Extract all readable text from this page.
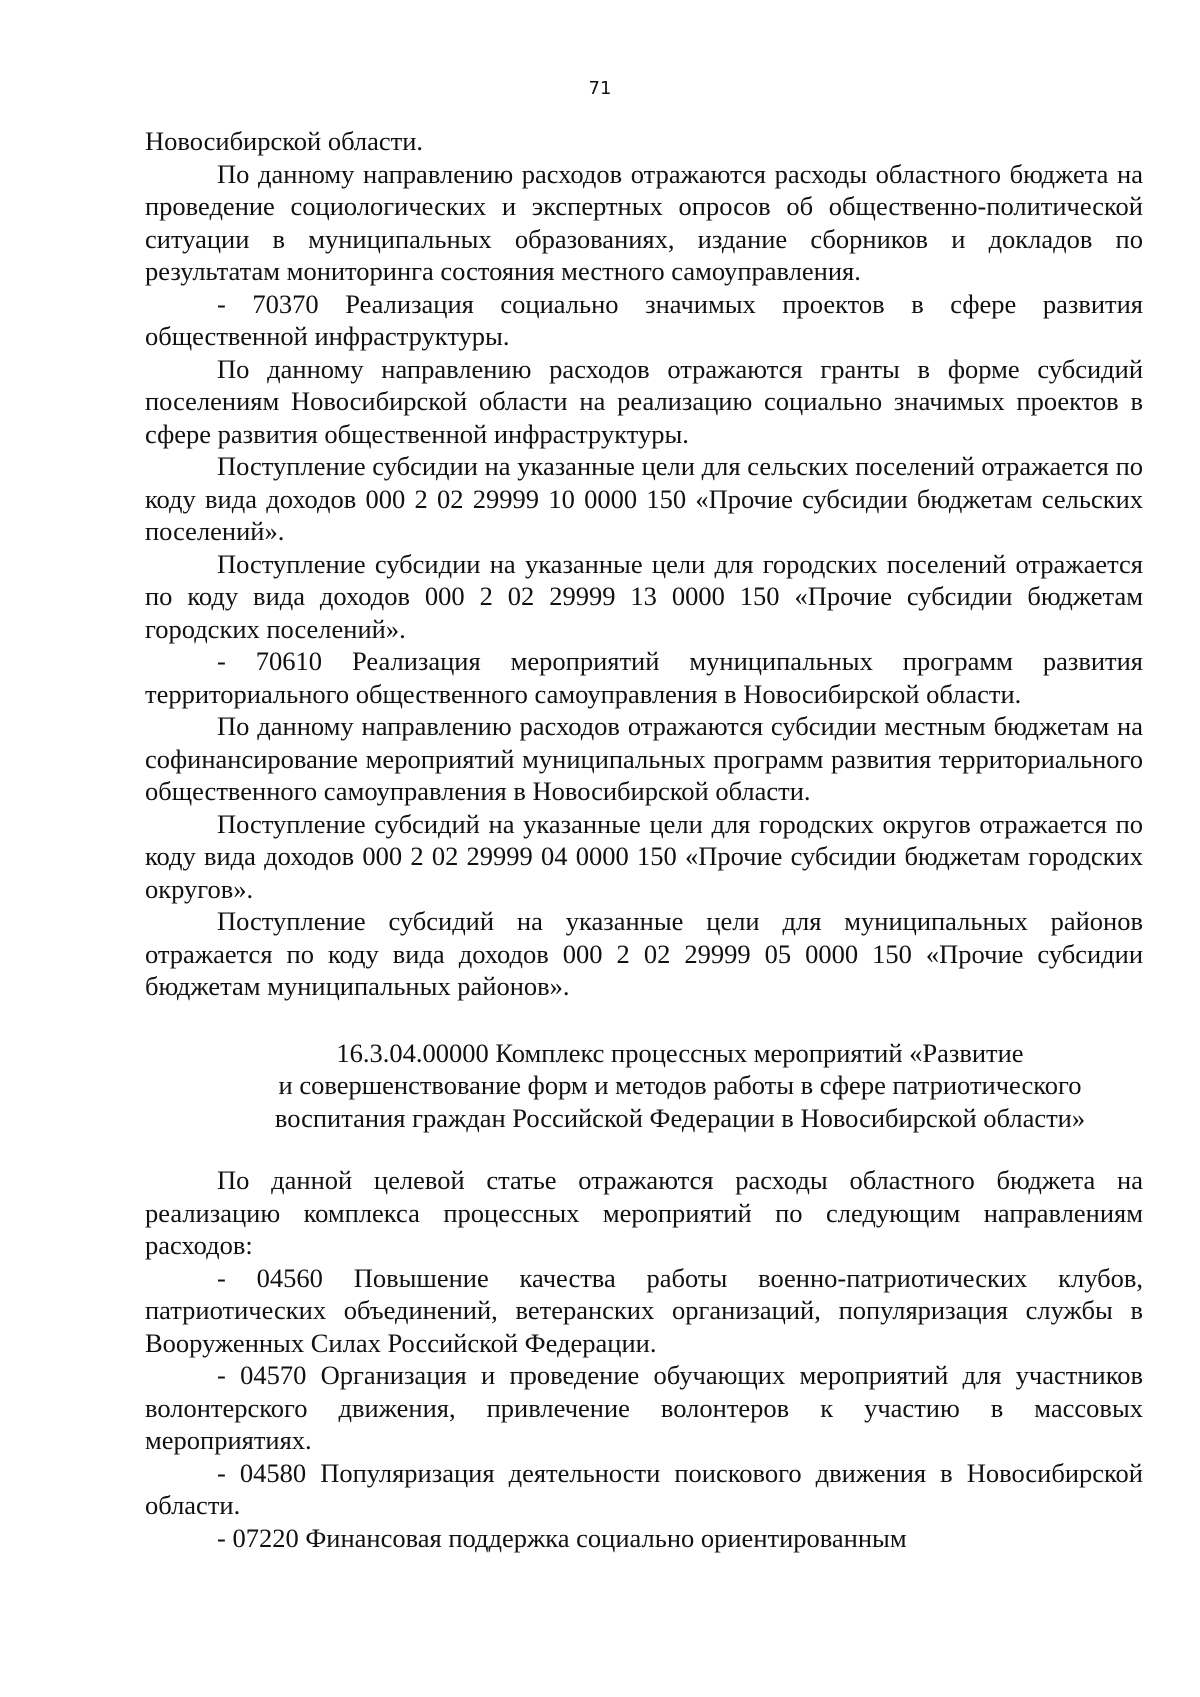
71

Новосибирской области.

По данному направлению расходов отражаются расходы областного бюджета на проведение социологических и экспертных опросов об общественно-политической ситуации в муниципальных образованиях, издание сборников и докладов по результатам мониторинга состояния местного самоуправления.

- 70370 Реализация социально значимых проектов в сфере развития общественной инфраструктуры.

По данному направлению расходов отражаются гранты в форме субсидий поселениям Новосибирской области на реализацию социально значимых проектов в сфере развития общественной инфраструктуры.

Поступление субсидии на указанные цели для сельских поселений отражается по коду вида доходов 000 2 02 29999 10 0000 150 «Прочие субсидии бюджетам сельских поселений».

Поступление субсидии на указанные цели для городских поселений отражается по коду вида доходов 000 2 02 29999 13 0000 150 «Прочие субсидии бюджетам городских поселений».

- 70610 Реализация мероприятий муниципальных программ развития территориального общественного самоуправления в Новосибирской области.

По данному направлению расходов отражаются субсидии местным бюджетам на софинансирование мероприятий муниципальных программ развития территориального общественного самоуправления в Новосибирской области.

Поступление субсидий на указанные цели для городских округов отражается по коду вида доходов 000 2 02 29999 04 0000 150 «Прочие субсидии бюджетам городских округов».

Поступление субсидий на указанные цели для муниципальных районов отражается по коду вида доходов 000 2 02 29999 05 0000 150 «Прочие субсидии бюджетам муниципальных районов».

16.3.04.00000 Комплекс процессных мероприятий «Развитие
и совершенствование форм и методов работы в сфере патриотического
воспитания граждан Российской Федерации в Новосибирской области»

По данной целевой статье отражаются расходы областного бюджета на реализацию комплекса процессных мероприятий по следующим направлениям расходов:

- 04560 Повышение качества работы военно-патриотических клубов, патриотических объединений, ветеранских организаций, популяризация службы в Вооруженных Силах Российской Федерации.

- 04570 Организация и проведение обучающих мероприятий для участников волонтерского движения, привлечение волонтеров к участию в массовых мероприятиях.

- 04580 Популяризация деятельности поискового движения в Новосибирской области.

- 07220 Финансовая поддержка социально ориентированным
